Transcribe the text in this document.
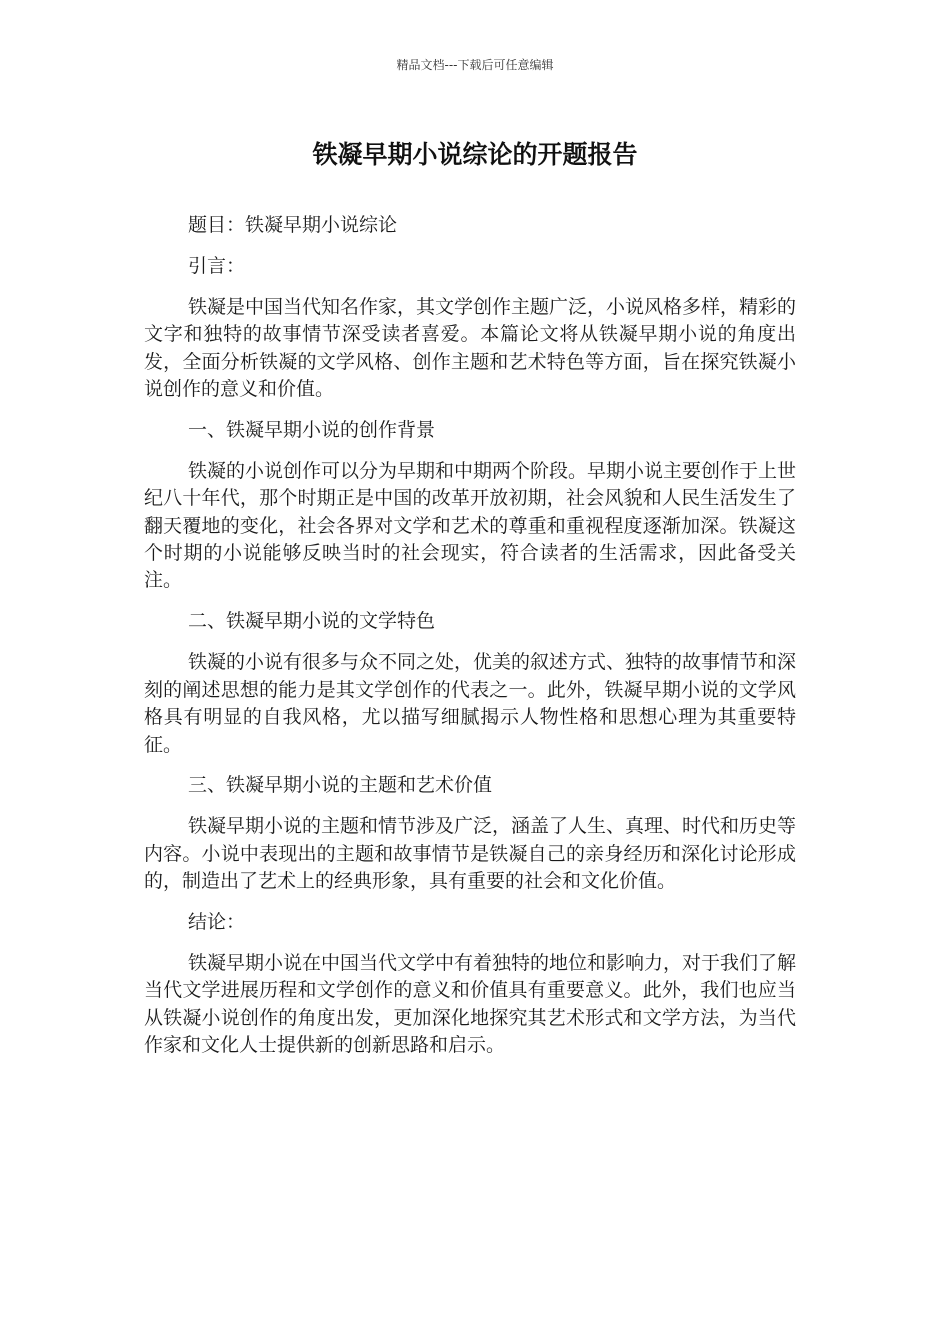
精品文档---下载后可任意编辑
铁凝早期小说综论的开题报告

题目：铁凝早期小说综论

引言：

铁凝是中国当代知名作家，其文学创作主题广泛，小说风格多样，精彩的文字和独特的故事情节深受读者喜爱。本篇论文将从铁凝早期小说的角度出发，全面分析铁凝的文学风格、创作主题和艺术特色等方面，旨在探究铁凝小说创作的意义和价值。

一、铁凝早期小说的创作背景

铁凝的小说创作可以分为早期和中期两个阶段。早期小说主要创作于上世纪八十年代，那个时期正是中国的改革开放初期，社会风貌和人民生活发生了翻天覆地的变化，社会各界对文学和艺术的尊重和重视程度逐渐加深。铁凝这个时期的小说能够反映当时的社会现实，符合读者的生活需求，因此备受关注。

二、铁凝早期小说的文学特色

铁凝的小说有很多与众不同之处，优美的叙述方式、独特的故事情节和深刻的阐述思想的能力是其文学创作的代表之一。此外，铁凝早期小说的文学风格具有明显的自我风格，尤以描写细腻揭示人物性格和思想心理为其重要特征。

三、铁凝早期小说的主题和艺术价值

铁凝早期小说的主题和情节涉及广泛，涵盖了人生、真理、时代和历史等内容。小说中表现出的主题和故事情节是铁凝自己的亲身经历和深化讨论形成的，制造出了艺术上的经典形象，具有重要的社会和文化价值。

结论：

铁凝早期小说在中国当代文学中有着独特的地位和影响力，对于我们了解当代文学进展历程和文学创作的意义和价值具有重要意义。此外，我们也应当从铁凝小说创作的角度出发，更加深化地探究其艺术形式和文学方法，为当代作家和文化人士提供新的创新思路和启示。
